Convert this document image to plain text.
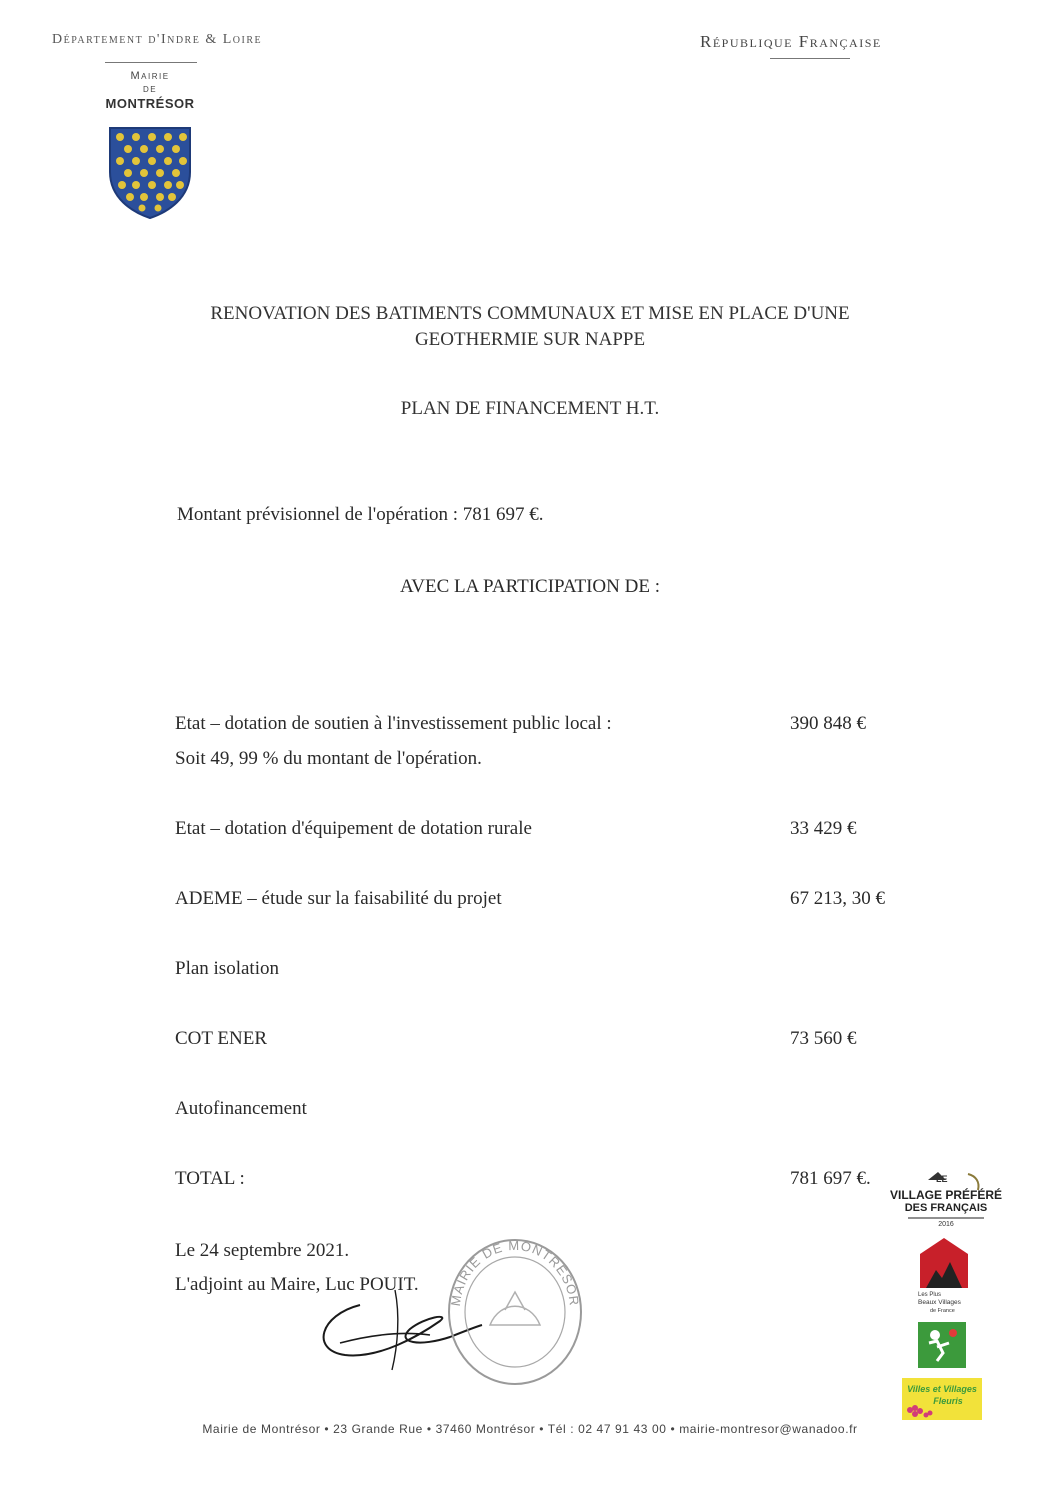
Département d'Indre & Loire	République Française
Mairie
de
MONTRÉSOR
RENOVATION DES BATIMENTS COMMUNAUX ET MISE EN PLACE D'UNE
GEOTHERMIE SUR NAPPE
PLAN DE FINANCEMENT H.T.
Montant prévisionnel de l'opération : 781 697 €.
AVEC LA PARTICIPATION DE :
Etat – dotation de soutien à l'investissement public local :	390 848 €
Soit 49, 99 % du montant de l'opération.
Etat – dotation d'équipement de dotation rurale	33 429 €
ADEME – étude sur la faisabilité du projet	67 213, 30 €
Plan isolation
COT ENER	73 560 €
Autofinancement
TOTAL :	781 697 €.
Le 24 septembre 2021.
L'adjoint au Maire, Luc POUIT.
MAIRIE DE MONTRÉSOR
LE
VILLAGE PRÉFÉRÉ
DES FRANÇAIS
2016
Les Plus
Beaux Villages
de France
Villes et Villages
Fleuris
Mairie de Montrésor • 23 Grande Rue • 37460 Montrésor • Tél : 02 47 91 43 00 • mairie-montresor@wanadoo.fr
